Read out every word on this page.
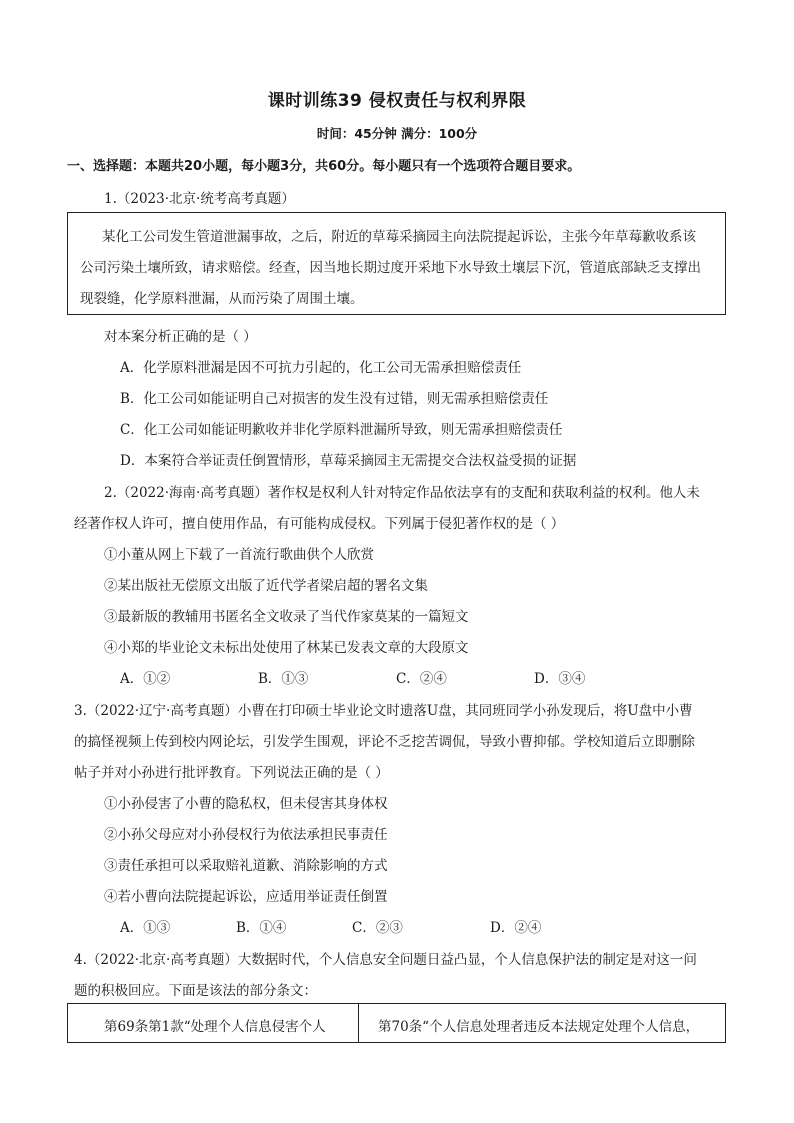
课时训练39 侵权责任与权利界限
时间：45分钟 满分：100分
一、选择题：本题共20小题，每小题3分，共60分。每小题只有一个选项符合题目要求。
1.（2023·北京·统考高考真题）
某化工公司发生管道泄漏事故，之后，附近的草莓采摘园主向法院提起诉讼，主张今年草莓歉收系该
公司污染土壤所致，请求赔偿。经查，因当地长期过度开采地下水导致土壤层下沉，管道底部缺乏支撑出
现裂缝，化学原料泄漏，从而污染了周围土壤。
对本案分析正确的是（ ）
A．化学原料泄漏是因不可抗力引起的，化工公司无需承担赔偿责任
B．化工公司如能证明自己对损害的发生没有过错，则无需承担赔偿责任
C．化工公司如能证明歉收并非化学原料泄漏所导致，则无需承担赔偿责任
D．本案符合举证责任倒置情形，草莓采摘园主无需提交合法权益受损的证据
2.（2022·海南·高考真题）著作权是权利人针对特定作品依法享有的支配和获取利益的权利。他人未
经著作权人许可，擅自使用作品，有可能构成侵权。下列属于侵犯著作权的是（ ）
①小董从网上下载了一首流行歌曲供个人欣赏
②某出版社无偿原文出版了近代学者梁启超的署名文集
③最新版的教辅用书匿名全文收录了当代作家莫某的一篇短文
④小郑的毕业论文未标出处使用了林某已发表文章的大段原文
A．①②	B．①③	C．②④	D．③④
3.（2022·辽宁·高考真题）小曹在打印硕士毕业论文时遗落U盘，其同班同学小孙发现后，将U盘中小曹
的搞怪视频上传到校内网论坛，引发学生围观，评论不乏挖苦调侃，导致小曹抑郁。学校知道后立即删除
帖子并对小孙进行批评教育。下列说法正确的是（ ）
①小孙侵害了小曹的隐私权，但未侵害其身体权
②小孙父母应对小孙侵权行为依法承担民事责任
③责任承担可以采取赔礼道歉、消除影响的方式
④若小曹向法院提起诉讼，应适用举证责任倒置
A．①③	B．①④	C．②③	D．②④
4.（2022·北京·高考真题）大数据时代，个人信息安全问题日益凸显，个人信息保护法的制定是对这一问
题的积极回应。下面是该法的部分条文：
第69条第1款“处理个人信息侵害个人	第70条“个人信息处理者违反本法规定处理个人信息，
